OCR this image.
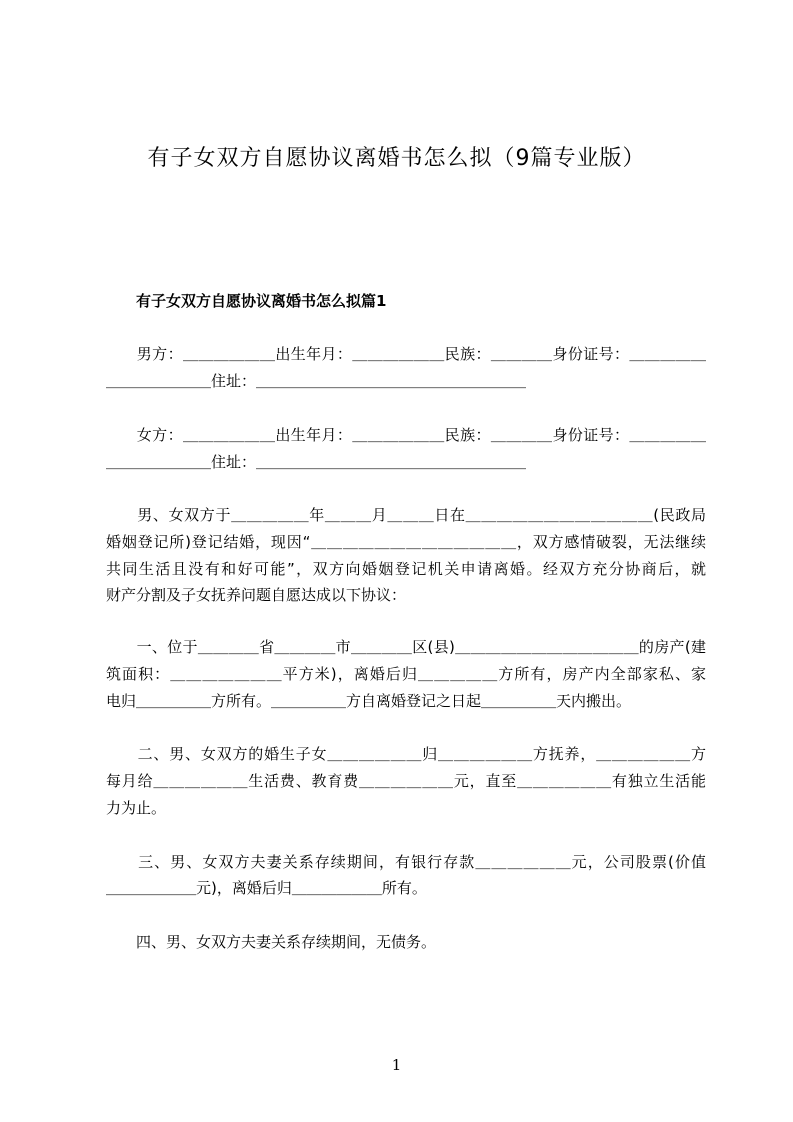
有子女双方自愿协议离婚书怎么拟（9篇专业版）
有子女双方自愿协议离婚书怎么拟篇1
　　男方：＿＿＿＿＿＿出生年月：＿＿＿＿＿＿民族：＿＿＿＿身份证号：＿＿＿＿＿
＿＿＿＿＿＿＿住址：＿＿＿＿＿＿＿＿＿＿＿＿＿＿＿＿＿＿
　　女方：＿＿＿＿＿＿出生年月：＿＿＿＿＿＿民族：＿＿＿＿身份证号：＿＿＿＿＿
＿＿＿＿＿＿＿住址：＿＿＿＿＿＿＿＿＿＿＿＿＿＿＿＿＿＿
　　男、女双方于＿＿＿＿＿年＿＿＿月＿＿＿日在＿＿＿＿＿＿＿＿＿＿＿＿(民政局
婚姻登记所)登记结婚，现因“＿＿＿＿＿＿＿＿＿＿＿＿＿，双方感情破裂，无法继续
共同生活且没有和好可能”，双方向婚姻登记机关申请离婚。经双方充分协商后，就
财产分割及子女抚养问题自愿达成以下协议：
　　一、位于＿＿＿＿省＿＿＿＿市＿＿＿＿区(县)＿＿＿＿＿＿＿＿＿＿＿＿的房产(建
筑面积：＿＿＿＿＿＿＿平方米)，离婚后归＿＿＿＿＿方所有，房产内全部家私、家
电归＿＿＿＿＿方所有。＿＿＿＿＿方自离婚登记之日起＿＿＿＿＿天内搬出。
　　二、男、女双方的婚生子女＿＿＿＿＿＿归＿＿＿＿＿＿方抚养，＿＿＿＿＿＿方
每月给＿＿＿＿＿＿生活费、教育费＿＿＿＿＿＿元，直至＿＿＿＿＿＿有独立生活能
力为止。
　　三、男、女双方夫妻关系存续期间，有银行存款＿＿＿＿＿＿元，公司股票(价值
＿＿＿＿＿＿元)，离婚后归＿＿＿＿＿＿所有。
　　四、男、女双方夫妻关系存续期间，无债务。
1
